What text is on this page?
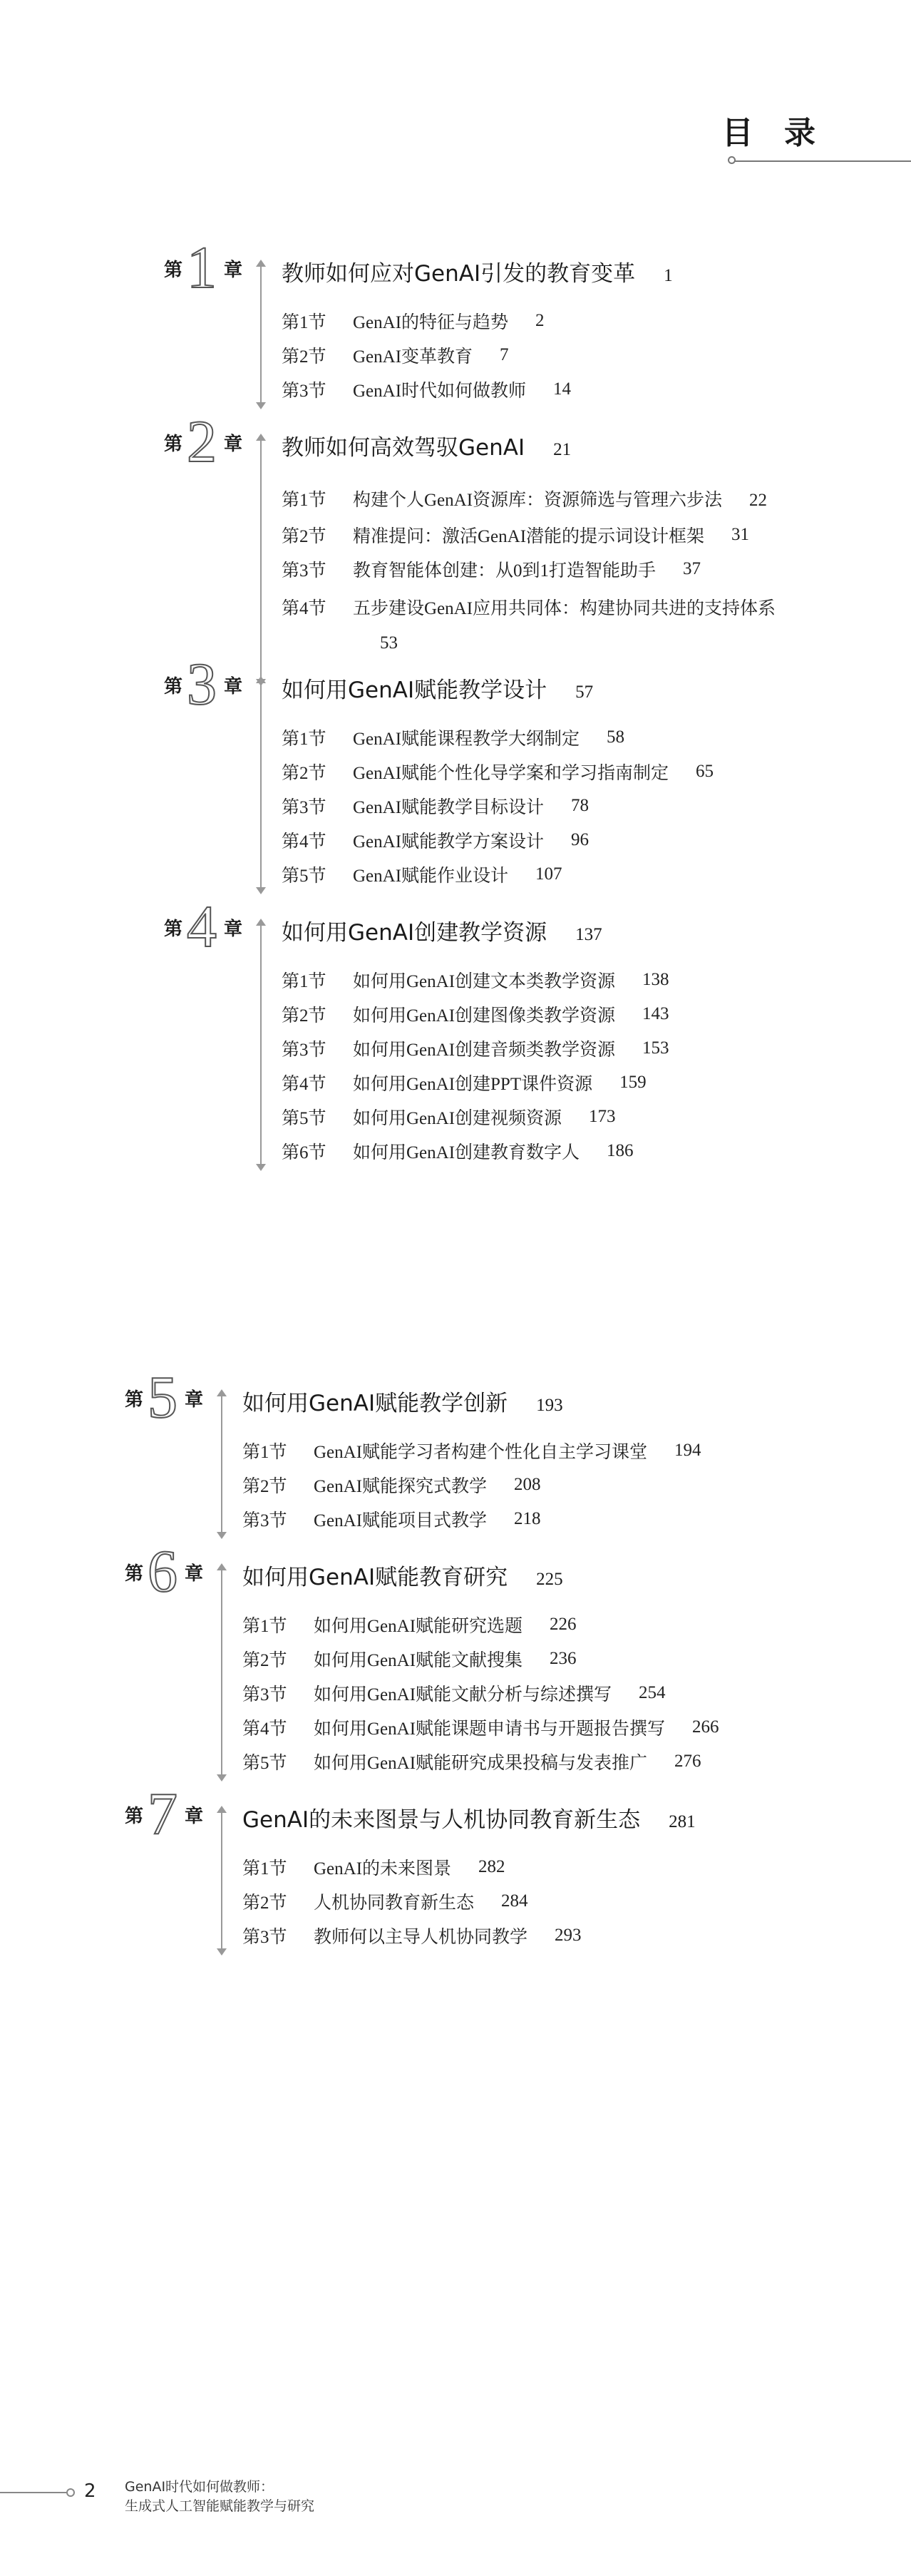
目 录
第 1 章 教师如何应对GenAI引发的教育变革 1
第1节	GenAI的特征与趋势 2
第2节	GenAI变革教育 7
第3节	GenAI时代如何做教师 14
第 2 章 教师如何高效驾驭GenAI 21
第1节	构建个人GenAI资源库：资源筛选与管理六步法 22
第2节	精准提问：激活GenAI潜能的提示词设计框架 31
第3节	教育智能体创建：从0到1打造智能助手 37
第4节	五步建设GenAI应用共同体：构建协同共进的支持体系53
第 3 章 如何用GenAI赋能教学设计 57
第1节	GenAI赋能课程教学大纲制定 58
第2节	GenAI赋能个性化导学案和学习指南制定 65
第3节	GenAI赋能教学目标设计 78
第4节	GenAI赋能教学方案设计 96
第5节	GenAI赋能作业设计 107
第 4 章 如何用GenAI创建教学资源 137
第1节	如何用GenAI创建文本类教学资源 138
第2节	如何用GenAI创建图像类教学资源 143
第3节	如何用GenAI创建音频类教学资源 153
第4节	如何用GenAI创建PPT课件资源 159
第5节	如何用GenAI创建视频资源 173
第6节	如何用GenAI创建教育数字人 186
第 5 章 如何用GenAI赋能教学创新 193
第1节	GenAI赋能学习者构建个性化自主学习课堂 194
第2节	GenAI赋能探究式教学 208
第3节	GenAI赋能项目式教学 218
第 6 章 如何用GenAI赋能教育研究 225
第1节	如何用GenAI赋能研究选题 226
第2节	如何用GenAI赋能文献搜集 236
第3节	如何用GenAI赋能文献分析与综述撰写 254
第4节	如何用GenAI赋能课题申请书与开题报告撰写 266
第5节	如何用GenAI赋能研究成果投稿与发表推广 276
第 7 章 GenAI的未来图景与人机协同教育新生态 281
第1节	GenAI的未来图景 282
第2节	人机协同教育新生态 284
第3节	教师何以主导人机协同教学 293
2 GenAI时代如何做教师：
生成式人工智能赋能教学与研究
